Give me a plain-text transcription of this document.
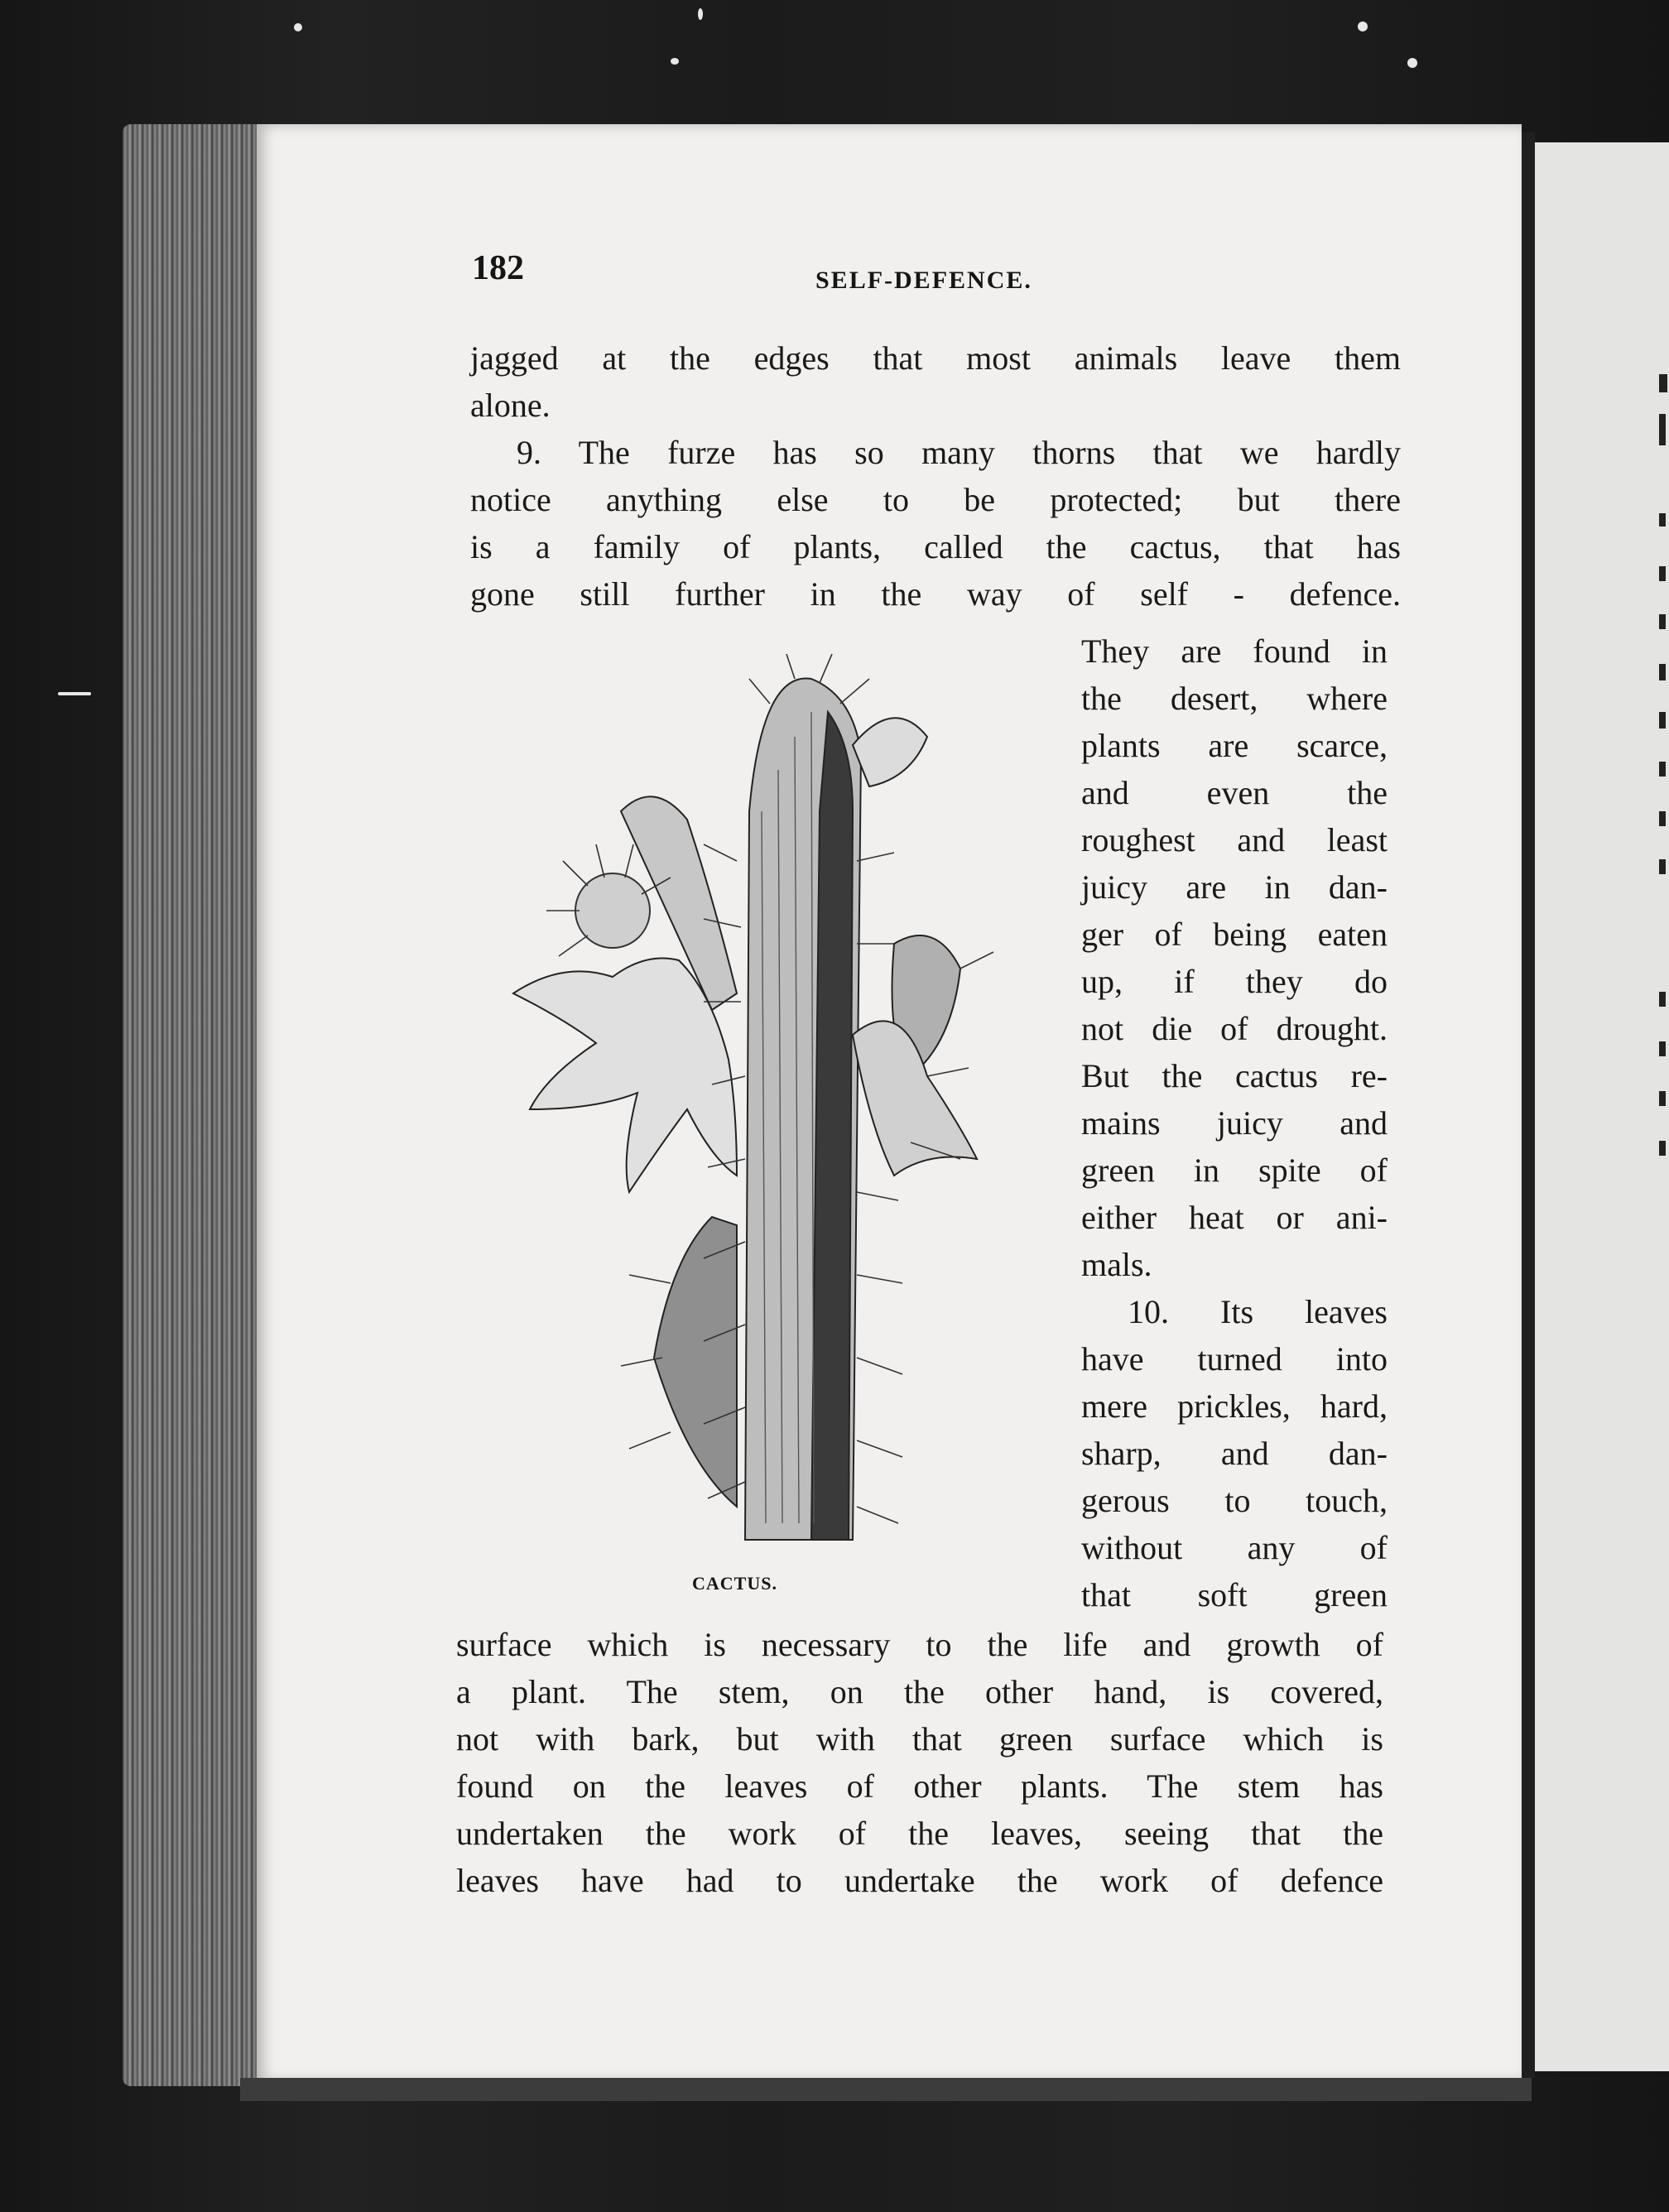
182	SELF-DEFENCE.
jagged at the edges that most animals leave them
alone.
9. The furze has so many thorns that we hardly
notice anything else to be protected; but there
is a family of plants, called the cactus, that has
gone still further in the way of self - defence.
CACTUS.
They are found in
the desert, where
plants are scarce,
and even the
roughest and least
juicy are in dan-
ger of being eaten
up, if they do
not die of drought.
But the cactus re-
mains juicy and
green in spite of
either heat or ani-
mals.
10. Its leaves
have turned into
mere prickles, hard,
sharp, and dan-
gerous to touch,
without any of
that soft green
surface which is necessary to the life and growth of
a plant. The stem, on the other hand, is covered,
not with bark, but with that green surface which is
found on the leaves of other plants. The stem has
undertaken the work of the leaves, seeing that the
leaves have had to undertake the work of defence
